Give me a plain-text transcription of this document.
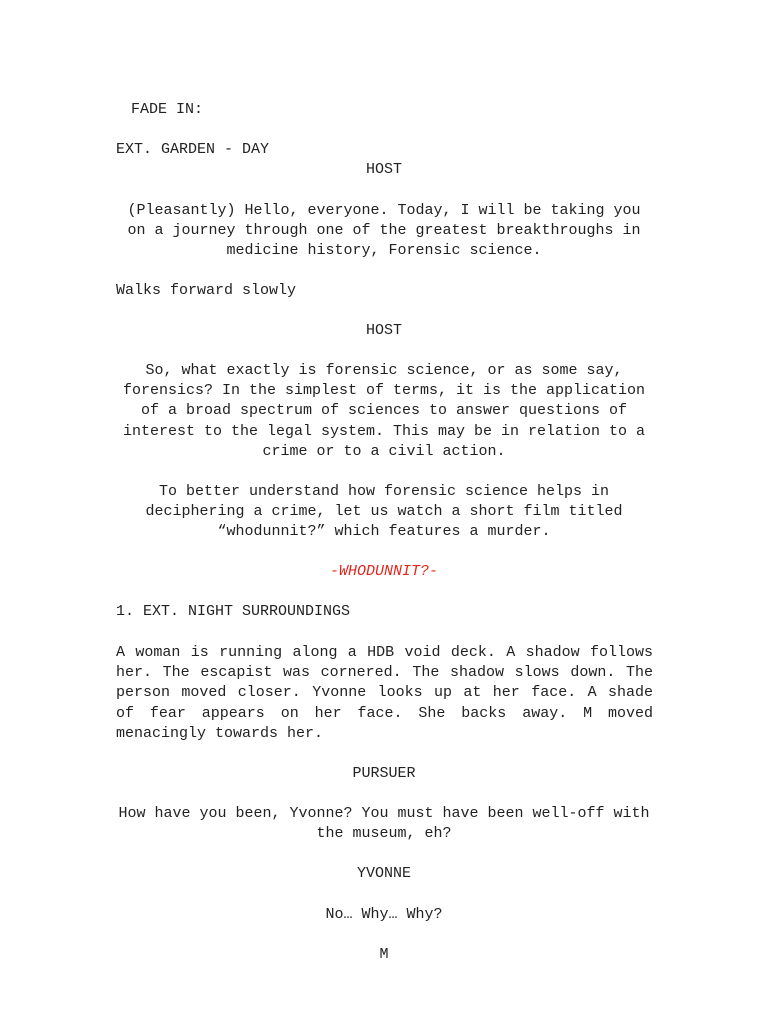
FADE IN:
EXT. GARDEN - DAY
HOST
(Pleasantly) Hello, everyone. Today, I will be taking you on a journey through one of the greatest breakthroughs in medicine history, Forensic science.
Walks forward slowly
HOST
So, what exactly is forensic science, or as some say, forensics? In the simplest of terms, it is the application of a broad spectrum of sciences to answer questions of interest to the legal system. This may be in relation to a crime or to a civil action.
To better understand how forensic science helps in deciphering a crime, let us watch a short film titled “whodunnit?” which features a murder.
-WHODUNNIT?-
1. EXT. NIGHT SURROUNDINGS
A woman is running along a HDB void deck. A shadow follows her. The escapist was cornered. The shadow slows down. The person moved closer. Yvonne looks up at her face. A shade of fear appears on her face. She backs away. M moved menacingly towards her.
PURSUER
How have you been, Yvonne? You must have been well-off with the museum, eh?
YVONNE
No… Why… Why?
M
